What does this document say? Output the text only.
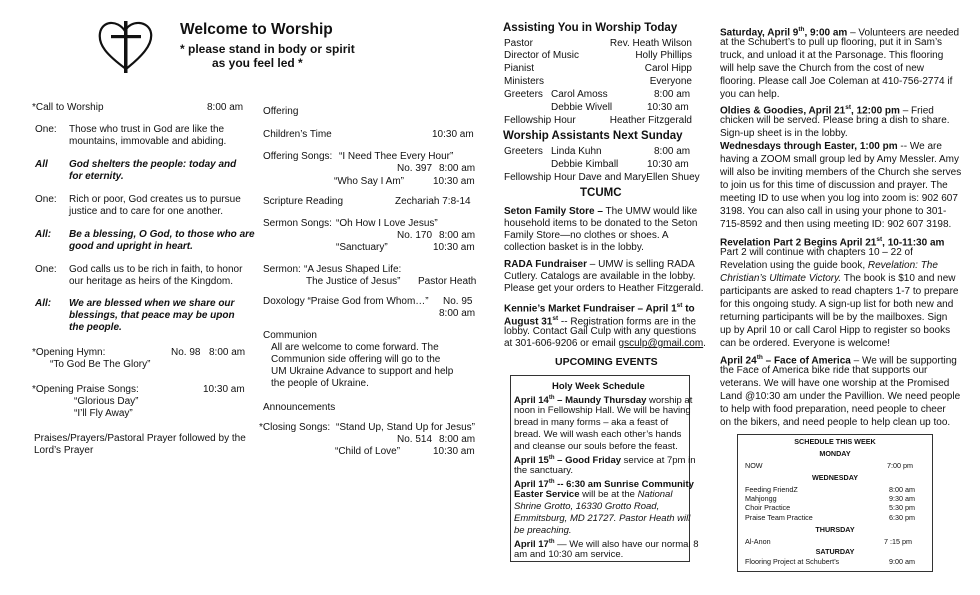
Welcome to Worship
* please stand in body or spirit
as you feel led *
*Call to Worship	8:00 am
One: Those who trust in God are like the
mountains, immovable and abiding.
All God shelters the people: today and
for eternity.
One: Rich or poor, God creates us to pursue
justice and to care for one another.
All: Be a blessing, O God, to those who are
good and upright in heart.
One: God calls us to be rich in faith, to honor
our heritage as heirs of the Kingdom.
All: We are blessed when we share our
blessings, that peace may be upon
the people.
*Opening Hymn:	No. 98 8:00 am
“To God Be The Glory”
*Opening Praise Songs:	10:30 am
“Glorious Day”
“I’ll Fly Away”
Praises/Prayers/Pastoral Prayer followed by the
Lord’s Prayer
Offering
Children’s Time	10:30 am
Offering Songs: “I Need Thee Every Hour”
No. 397 8:00 am
“Who Say I Am”	10:30 am
Scripture Reading	Zechariah 7:8-14
Sermon Songs: “Oh How I Love Jesus”
No. 170 8:00 am
“Sanctuary”	10:30 am
Sermon: “A Jesus Shaped Life:
The Justice of Jesus” Pastor Heath
Doxology “Praise God from Whom…” No. 95
8:00 am
Communion
All are welcome to come forward. The
Communion side offering will go to the
UM Ukraine Advance to support and help
the people of Ukraine.
Announcements
*Closing Songs: “Stand Up, Stand Up for Jesus”
No. 514 8:00 am
“Child of Love”	10:30 am
Assisting You in Worship Today
Pastor	Rev. Heath Wilson
Director of Music	Holly Phillips
Pianist	Carol Hipp
Ministers	Everyone
Greeters Carol Amoss	8:00 am
Debbie Wivell	10:30 am
Fellowship Hour	Heather Fitzgerald
Worship Assistants Next Sunday
Greeters Linda Kuhn	8:00 am
Debbie Kimball	10:30 am
Fellowship Hour Dave and MaryEllen Shuey
TCUMC
Seton Family Store – The UMW would like
household items to be donated to the Seton
Family Store—no clothes or shoes. A
collection basket is in the lobby.
RADA Fundraiser – UMW is selling RADA
Cutlery. Catalogs are available in the lobby.
Please get your orders to Heather Fitzgerald.
Kennie’s Market Fundraiser – April 1st to
August 31st -- Registration forms are in the
lobby. Contact Gail Culp with any questions
at 301-606-9206 or email gsculp@gmail.com.
UPCOMING EVENTS
Holy Week Schedule
April 14th – Maundy Thursday worship at
noon in Fellowship Hall. We will be having
bread in many forms – aka a feast of
bread. We will wash each other’s hands
and cleanse our souls before the feast.
April 15th – Good Friday service at 7pm in
the sanctuary.
April 17th -- 6:30 am Sunrise Community
Easter Service will be at the National
Shrine Grotto, 16330 Grotto Road,
Emmitsburg, MD 21727. Pastor Heath will
be preaching.
April 17th — We will also have our normal 8
am and 10:30 am service.
Saturday, April 9th, 9:00 am – Volunteers are needed
at the Schubert’s to pull up flooring, put it in Sam’s
truck, and unload it at the Parsonage. This flooring
will help save the Church from the cost of new
flooring. Please call Joe Coleman at 410-756-2774 if
you can help.
Oldies & Goodies, April 21st, 12:00 pm – Fried
chicken will be served. Please bring a dish to share.
Sign-up sheet is in the lobby.
Wednesdays through Easter, 1:00 pm -- We are
having a ZOOM small group led by Amy Messler. Amy
will also be inviting members of the Church she serves
to join us for this time of discussion and prayer. The
meeting ID to use when you log into zoom is: 902 607
3198. You can also call in using your phone to 301-
715-8592 and then using meeting ID: 902 607 3198.
Revelation Part 2 Begins April 21st, 10-11:30 am
Part 2 will continue with chapters 10 – 22 of
Revelation using the guide book, Revelation: The
Christian’s Ultimate Victory. The book is $10 and new
participants are asked to read chapters 1-7 to prepare
for this ongoing study. A sign-up list for both new and
returning participants will be by the mailboxes. Sign
up by April 10 or call Carol Hipp to register so books
can be ordered. Everyone is welcome!
April 24th – Face of America – We will be supporting
the Face of America bike ride that supports our
veterans. We will have one worship at the Promised
Land @10:30 am under the Pavillion. We need people
to help with food preparation, need people to cheer
on the bikers, and need people to help clean up too.
SCHEDULE THIS WEEK
MONDAY
NOW	7:00 pm
WEDNESDAY
Feeding FriendZ	8:00 am
Mahjongg	9:30 am
Choir Practice	5:30 pm
Praise Team Practice	6:30 pm
THURSDAY
Al-Anon	7 :15 pm
SATURDAY
Flooring Project at Schubert’s	9:00 am
